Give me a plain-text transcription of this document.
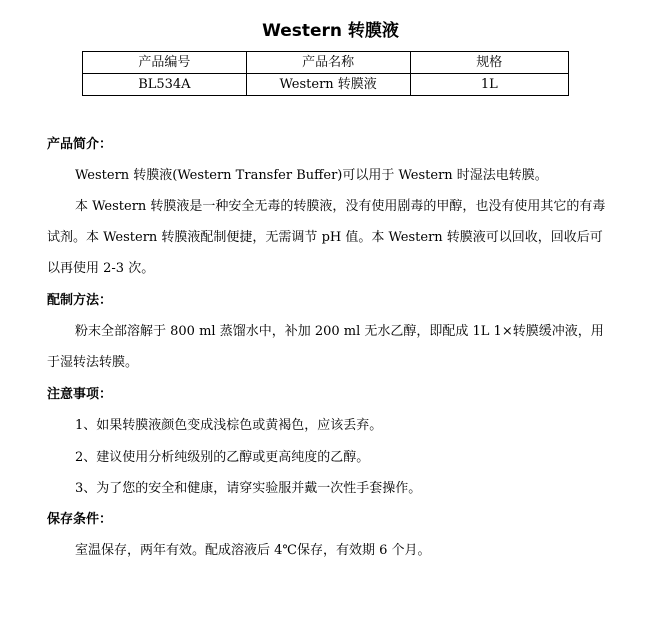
Western 转膜液
产品编号	产品名称	规格
BL534A	Western 转膜液	1L
产品简介：
Western 转膜液(Western Transfer Buffer)可以用于 Western 时湿法电转膜。
本 Western 转膜液是一种安全无毒的转膜液，没有使用剧毒的甲醇，也没有使用其它的有毒试剂。本 Western 转膜液配制便捷，无需调节 pH 值。本 Western 转膜液可以回收，回收后可以再使用 2-3 次。
配制方法：
粉末全部溶解于 800 ml 蒸馏水中，补加 200 ml 无水乙醇，即配成 1L 1×转膜缓冲液，用于湿转法转膜。
注意事项：
1、如果转膜液颜色变成浅棕色或黄褐色，应该丢弃。
2、建议使用分析纯级别的乙醇或更高纯度的乙醇。
3、为了您的安全和健康，请穿实验服并戴一次性手套操作。
保存条件：
室温保存，两年有效。配成溶液后 4℃保存，有效期 6 个月。
